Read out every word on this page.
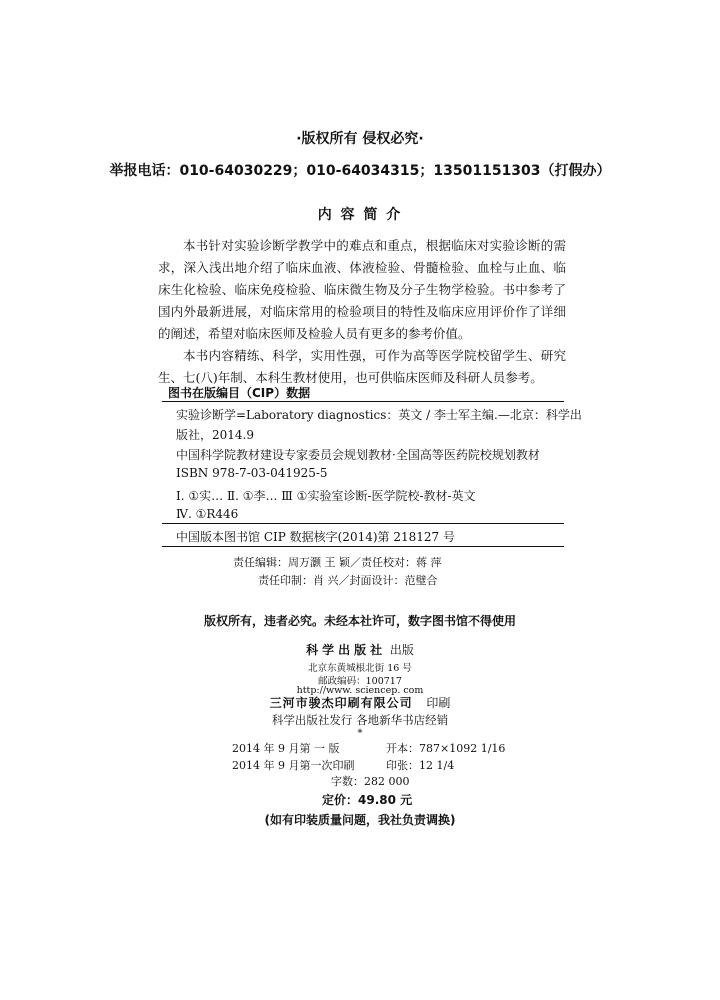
·版权所有 侵权必究·
举报电话：010-64030229；010-64034315；13501151303（打假办）
内 容 简 介

本书针对实验诊断学教学中的难点和重点，根据临床对实验诊断的需求，深入浅出地介绍了临床血液、体液检验、骨髓检验、血栓与止血、临床生化检验、临床免疫检验、临床微生物及分子生物学检验。书中参考了国内外最新进展，对临床常用的检验项目的特性及临床应用评价作了详细的阐述，希望对临床医师及检验人员有更多的参考价值。

本书内容精练、科学，实用性强，可作为高等医学院校留学生、研究生、七(八)年制、本科生教材使用，也可供临床医师及科研人员参考。

图书在版编目（CIP）数据
实验诊断学=Laboratory diagnostics：英文 / 李士军主编.—北京：科学出
版社，2014.9
中国科学院教材建设专家委员会规划教材·全国高等医药院校规划教材
ISBN 978-7-03-041925-5
Ⅰ. ①实… Ⅱ. ①李… Ⅲ ①实验室诊断-医学院校-教材-英文
Ⅳ. ①R446
中国版本图书馆 CIP 数据核字(2014)第 218127 号
责任编辑：周万灏 王 颖／责任校对：蒋 萍
责任印制：肖 兴／封面设计：范璧合
版权所有，违者必究。未经本社许可，数字图书馆不得使用
科学出版社 出版
北京东黄城根北街 16 号
邮政编码：100717
http://www. sciencep. com
三河市骏杰印刷有限公司 印刷
科学出版社发行 各地新华书店经销
*
2014 年 9 月第 一 版	开本：787×1092 1/16
2014 年 9 月第一次印刷	印张：12 1/4
字数：282 000
定价：49.80 元
(如有印装质量问题，我社负责调换)
